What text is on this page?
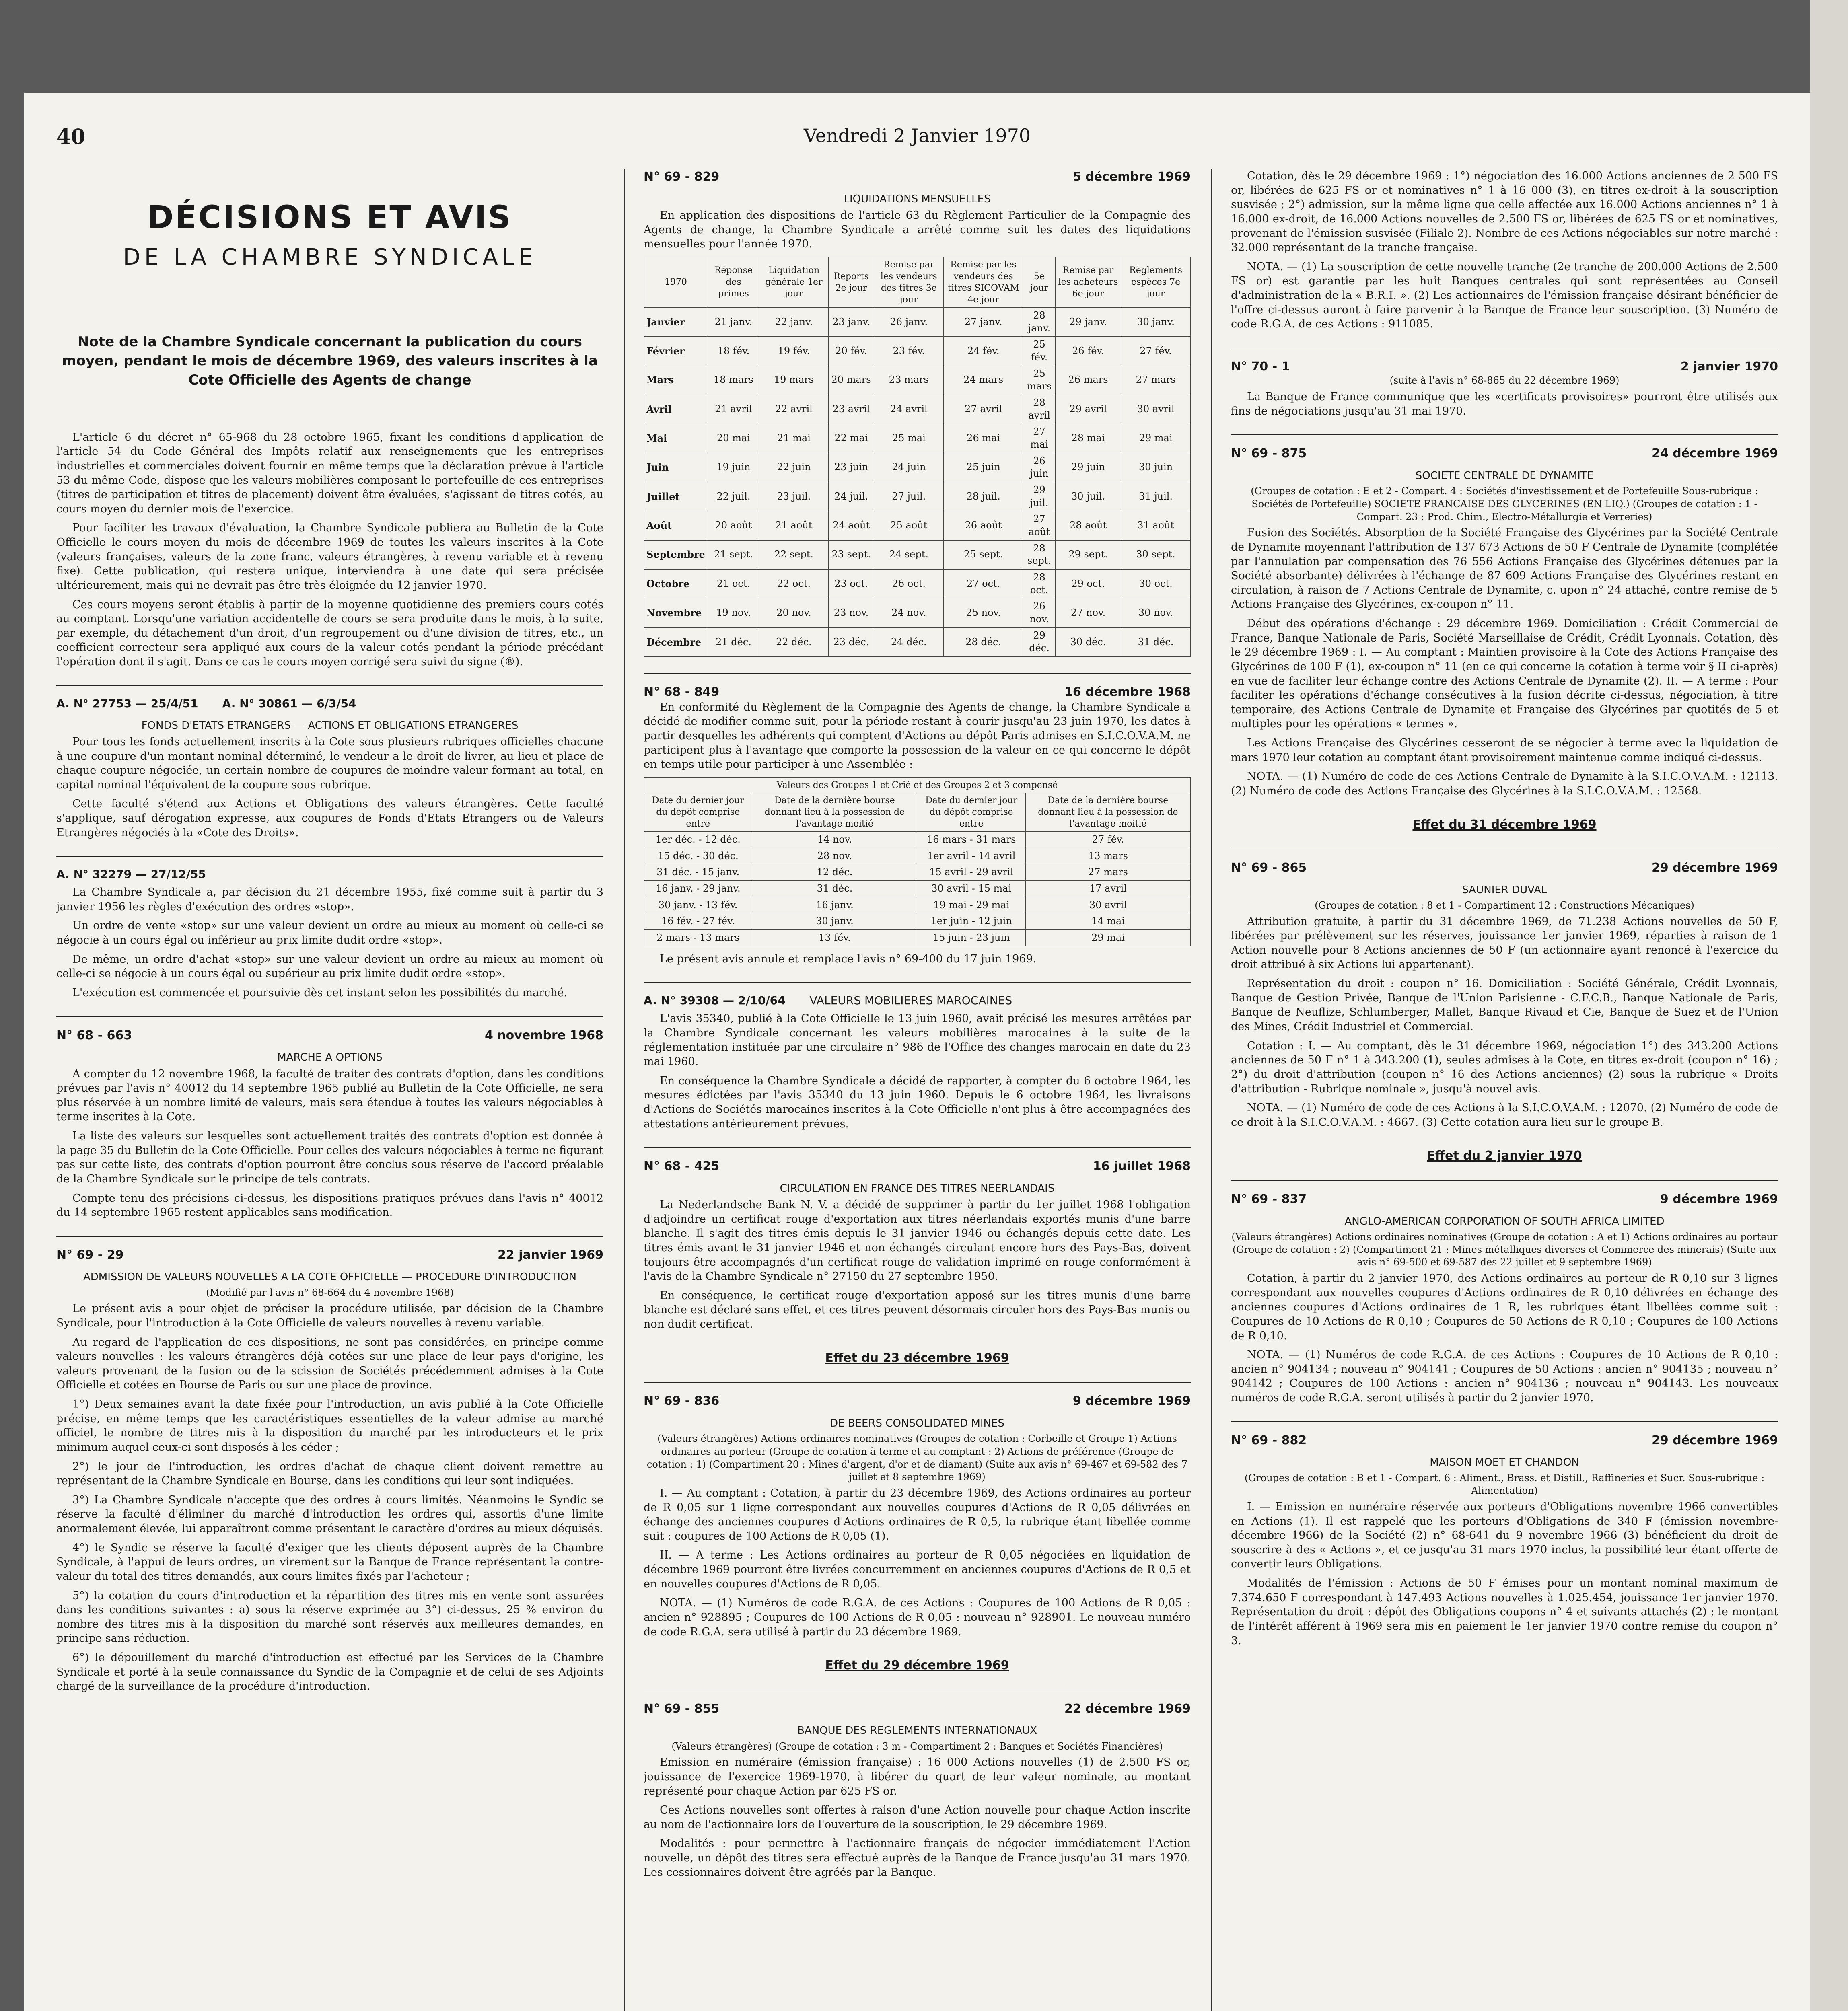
40	Vendredi 2 Janvier 1970
DÉCISIONS ET AVIS
DE LA CHAMBRE SYNDICALE
Note de la Chambre Syndicale concernant la publication du cours moyen, pendant le mois de décembre 1969, des valeurs inscrites à la Cote Officielle des Agents de change

L'article 6 du décret n° 65-968 du 28 octobre 1965, fixant les conditions d'application de l'article 54 du Code Général des Impôts relatif aux renseignements que les entreprises industrielles et commerciales doivent fournir en même temps que la déclaration prévue à l'article 53 du même Code, dispose que les valeurs mobilières composant le portefeuille de ces entreprises (titres de participation et titres de placement) doivent être évaluées, s'agissant de titres cotés, au cours moyen du dernier mois de l'exercice.

Pour faciliter les travaux d'évaluation, la Chambre Syndicale publiera au Bulletin de la Cote Officielle le cours moyen du mois de décembre 1969 de toutes les valeurs inscrites à la Cote (valeurs françaises, valeurs de la zone franc, valeurs étrangères, à revenu variable et à revenu fixe). Cette publication, qui restera unique, interviendra à une date qui sera précisée ultérieurement, mais qui ne devrait pas être très éloignée du 12 janvier 1970.

Ces cours moyens seront établis à partir de la moyenne quotidienne des premiers cours cotés au comptant. Lorsqu'une variation accidentelle de cours se sera produite dans le mois, à la suite, par exemple, du détachement d'un droit, d'un regroupement ou d'une division de titres, etc., un coefficient correcteur sera appliqué aux cours de la valeur cotés pendant la période précédant l'opération dont il s'agit. Dans ce cas le cours moyen corrigé sera suivi du signe (®).

A. N° 27753 — 25/4/51 A. N° 30861 — 6/3/54
FONDS D'ETATS ETRANGERS — ACTIONS ET OBLIGATIONS ETRANGERES

Pour tous les fonds actuellement inscrits à la Cote sous plusieurs rubriques officielles chacune à une coupure d'un montant nominal déterminé, le vendeur a le droit de livrer, au lieu et place de chaque coupure négociée, un certain nombre de coupures de moindre valeur formant au total, en capital nominal l'équivalent de la coupure sous rubrique.

Cette faculté s'étend aux Actions et Obligations des valeurs étrangères. Cette faculté s'applique, sauf dérogation expresse, aux coupures de Fonds d'Etats Etrangers ou de Valeurs Etrangères négociés à la «Cote des Droits».

A. N° 32279 — 27/12/55

La Chambre Syndicale a, par décision du 21 décembre 1955, fixé comme suit à partir du 3 janvier 1956 les règles d'exécution des ordres «stop».

Un ordre de vente «stop» sur une valeur devient un ordre au mieux au moment où celle-ci se négocie à un cours égal ou inférieur au prix limite dudit ordre «stop».

De même, un ordre d'achat «stop» sur une valeur devient un ordre au mieux au moment où celle-ci se négocie à un cours égal ou supérieur au prix limite dudit ordre «stop».

L'exécution est commencée et poursuivie dès cet instant selon les possibilités du marché.

N° 68 - 663	4 novembre 1968
MARCHE A OPTIONS

A compter du 12 novembre 1968, la faculté de traiter des contrats d'option, dans les conditions prévues par l'avis n° 40012 du 14 septembre 1965 publié au Bulletin de la Cote Officielle, ne sera plus réservée à un nombre limité de valeurs, mais sera étendue à toutes les valeurs négociables à terme inscrites à la Cote.

La liste des valeurs sur lesquelles sont actuellement traités des contrats d'option est donnée à la page 35 du Bulletin de la Cote Officielle. Pour celles des valeurs négociables à terme ne figurant pas sur cette liste, des contrats d'option pourront être conclus sous réserve de l'accord préalable de la Chambre Syndicale sur le principe de tels contrats.

Compte tenu des précisions ci-dessus, les dispositions pratiques prévues dans l'avis n° 40012 du 14 septembre 1965 restent applicables sans modification.

N° 69 - 29	22 janvier 1969
ADMISSION DE VALEURS NOUVELLES A LA COTE OFFICIELLE — PROCEDURE D'INTRODUCTION
(Modifié par l'avis n° 68-664 du 4 novembre 1968)

Le présent avis a pour objet de préciser la procédure utilisée, par décision de la Chambre Syndicale, pour l'introduction à la Cote Officielle de valeurs nouvelles à revenu variable.

Au regard de l'application de ces dispositions, ne sont pas considérées, en principe comme valeurs nouvelles : les valeurs étrangères déjà cotées sur une place de leur pays d'origine, les valeurs provenant de la fusion ou de la scission de Sociétés précédemment admises à la Cote Officielle et cotées en Bourse de Paris ou sur une place de province.

1°) Deux semaines avant la date fixée pour l'introduction, un avis publié à la Cote Officielle précise, en même temps que les caractéristiques essentielles de la valeur admise au marché officiel, le nombre de titres mis à la disposition du marché par les introducteurs et le prix minimum auquel ceux-ci sont disposés à les céder ;

2°) le jour de l'introduction, les ordres d'achat de chaque client doivent remettre au représentant de la Chambre Syndicale en Bourse, dans les conditions qui leur sont indiquées.

3°) La Chambre Syndicale n'accepte que des ordres à cours limités. Néanmoins le Syndic se réserve la faculté d'éliminer du marché d'introduction les ordres qui, assortis d'une limite anormalement élevée, lui apparaîtront comme présentant le caractère d'ordres au mieux déguisés.

4°) le Syndic se réserve la faculté d'exiger que les clients déposent auprès de la Chambre Syndicale, à l'appui de leurs ordres, un virement sur la Banque de France représentant la contre-valeur du total des titres demandés, aux cours limites fixés par l'acheteur ;

5°) la cotation du cours d'introduction et la répartition des titres mis en vente sont assurées dans les conditions suivantes : a) sous la réserve exprimée au 3°) ci-dessus, 25 % environ du nombre des titres mis à la disposition du marché sont réservés aux meilleures demandes, en principe sans réduction.

6°) le dépouillement du marché d'introduction est effectué par les Services de la Chambre Syndicale et porté à la seule connaissance du Syndic de la Compagnie et de celui de ses Adjoints chargé de la surveillance de la procédure d'introduction.

N° 69 - 829	5 décembre 1969
LIQUIDATIONS MENSUELLES

En application des dispositions de l'article 63 du Règlement Particulier de la Compagnie des Agents de change, la Chambre Syndicale a arrêté comme suit les dates des liquidations mensuelles pour l'année 1970.

1970	Réponse des primes	Liquidation générale 1er jour	Reports 2e jour	Remise par les vendeurs des titres 3e jour	Remise par les vendeurs des titres SICOVAM 4e jour	5e jour	Remise par les acheteurs 6e jour	Règlements espèces 7e jour
Janvier	21 janv.	22 janv.	23 janv.	26 janv.	27 janv.	28 janv.	29 janv.	30 janv.
Février	18 fév.	19 fév.	20 fév.	23 fév.	24 fév.	25 fév.	26 fév.	27 fév.
Mars	18 mars	19 mars	20 mars	23 mars	24 mars	25 mars	26 mars	27 mars
Avril	21 avril	22 avril	23 avril	24 avril	27 avril	28 avril	29 avril	30 avril
Mai	20 mai	21 mai	22 mai	25 mai	26 mai	27 mai	28 mai	29 mai
Juin	19 juin	22 juin	23 juin	24 juin	25 juin	26 juin	29 juin	30 juin
Juillet	22 juil.	23 juil.	24 juil.	27 juil.	28 juil.	29 juil.	30 juil.	31 juil.
Août	20 août	21 août	24 août	25 août	26 août	27 août	28 août	31 août
Septembre	21 sept.	22 sept.	23 sept.	24 sept.	25 sept.	28 sept.	29 sept.	30 sept.
Octobre	21 oct.	22 oct.	23 oct.	26 oct.	27 oct.	28 oct.	29 oct.	30 oct.
Novembre	19 nov.	20 nov.	23 nov.	24 nov.	25 nov.	26 nov.	27 nov.	30 nov.
Décembre	21 déc.	22 déc.	23 déc.	24 déc.	28 déc.	29 déc.	30 déc.	31 déc.
N° 68 - 849	16 décembre 1968

En conformité du Règlement de la Compagnie des Agents de change, la Chambre Syndicale a décidé de modifier comme suit, pour la période restant à courir jusqu'au 23 juin 1970, les dates à partir desquelles les adhérents qui comptent d'Actions au dépôt Paris admises en S.I.C.O.V.A.M. ne participent plus à l'avantage que comporte la possession de la valeur en ce qui concerne le dépôt en temps utile pour participer à une Assemblée :

Valeurs des Groupes 1 et Crié et des Groupes 2 et 3 compensé			
Date du dernier jour du dépôt comprise entre	Date de la dernière bourse donnant lieu à la possession de l'avantage moitié	Date du dernier jour du dépôt comprise entre	Date de la dernière bourse donnant lieu à la possession de l'avantage moitié
1er déc. - 12 déc.	14 nov.	16 mars - 31 mars	27 fév.
15 déc. - 30 déc.	28 nov.	1er avril - 14 avril	13 mars
31 déc. - 15 janv.	12 déc.	15 avril - 29 avril	27 mars
16 janv. - 29 janv.	31 déc.	30 avril - 15 mai	17 avril
30 janv. - 13 fév.	16 janv.	19 mai - 29 mai	30 avril
16 fév. - 27 fév.	30 janv.	1er juin - 12 juin	14 mai
2 mars - 13 mars	13 fév.	15 juin - 23 juin	29 mai

Le présent avis annule et remplace l'avis n° 69-400 du 17 juin 1969.

A. N° 39308 — 2/10/64 VALEURS MOBILIERES MAROCAINES

L'avis 35340, publié à la Cote Officielle le 13 juin 1960, avait précisé les mesures arrêtées par la Chambre Syndicale concernant les valeurs mobilières marocaines à la suite de la réglementation instituée par une circulaire n° 986 de l'Office des changes marocain en date du 23 mai 1960.

En conséquence la Chambre Syndicale a décidé de rapporter, à compter du 6 octobre 1964, les mesures édictées par l'avis 35340 du 13 juin 1960. Depuis le 6 octobre 1964, les livraisons d'Actions de Sociétés marocaines inscrites à la Cote Officielle n'ont plus à être accompagnées des attestations antérieurement prévues.

N° 68 - 425	16 juillet 1968
CIRCULATION EN FRANCE DES TITRES NEERLANDAIS

La Nederlandsche Bank N. V. a décidé de supprimer à partir du 1er juillet 1968 l'obligation d'adjoindre un certificat rouge d'exportation aux titres néerlandais exportés munis d'une barre blanche. Il s'agit des titres émis depuis le 31 janvier 1946 ou échangés depuis cette date. Les titres émis avant le 31 janvier 1946 et non échangés circulant encore hors des Pays-Bas, doivent toujours être accompagnés d'un certificat rouge de validation imprimé en rouge conformément à l'avis de la Chambre Syndicale n° 27150 du 27 septembre 1950.

En conséquence, le certificat rouge d'exportation apposé sur les titres munis d'une barre blanche est déclaré sans effet, et ces titres peuvent désormais circuler hors des Pays-Bas munis ou non dudit certificat.

Effet du 23 décembre 1969
N° 69 - 836	9 décembre 1969
DE BEERS CONSOLIDATED MINES
(Valeurs étrangères) Actions ordinaires nominatives (Groupes de cotation : Corbeille et Groupe 1) Actions ordinaires au porteur (Groupe de cotation à terme et au comptant : 2) Actions de préférence (Groupe de cotation : 1) (Compartiment 20 : Mines d'argent, d'or et de diamant) (Suite aux avis n° 69-467 et 69-582 des 7 juillet et 8 septembre 1969)

I. — Au comptant : Cotation, à partir du 23 décembre 1969, des Actions ordinaires au porteur de R 0,05 sur 1 ligne correspondant aux nouvelles coupures d'Actions de R 0,05 délivrées en échange des anciennes coupures d'Actions ordinaires de R 0,5, la rubrique étant libellée comme suit : coupures de 100 Actions de R 0,05 (1).

II. — A terme : Les Actions ordinaires au porteur de R 0,05 négociées en liquidation de décembre 1969 pourront être livrées concurremment en anciennes coupures d'Actions de R 0,5 et en nouvelles coupures d'Actions de R 0,05.

NOTA. — (1) Numéros de code R.G.A. de ces Actions : Coupures de 100 Actions de R 0,05 : ancien n° 928895 ; Coupures de 100 Actions de R 0,05 : nouveau n° 928901. Le nouveau numéro de code R.G.A. sera utilisé à partir du 23 décembre 1969.

Effet du 29 décembre 1969
N° 69 - 855	22 décembre 1969
BANQUE DES REGLEMENTS INTERNATIONAUX
(Valeurs étrangères) (Groupe de cotation : 3 m - Compartiment 2 : Banques et Sociétés Financières)

Emission en numéraire (émission française) : 16 000 Actions nouvelles (1) de 2.500 FS or, jouissance de l'exercice 1969-1970, à libérer du quart de leur valeur nominale, au montant représenté pour chaque Action par 625 FS or.

Ces Actions nouvelles sont offertes à raison d'une Action nouvelle pour chaque Action inscrite au nom de l'actionnaire lors de l'ouverture de la souscription, le 29 décembre 1969.

Modalités : pour permettre à l'actionnaire français de négocier immédiatement l'Action nouvelle, un dépôt des titres sera effectué auprès de la Banque de France jusqu'au 31 mars 1970. Les cessionnaires doivent être agréés par la Banque.

Cotation, dès le 29 décembre 1969 : 1°) négociation des 16.000 Actions anciennes de 2 500 FS or, libérées de 625 FS or et nominatives n° 1 à 16 000 (3), en titres ex-droit à la souscription susvisée ; 2°) admission, sur la même ligne que celle affectée aux 16.000 Actions anciennes n° 1 à 16.000 ex-droit, de 16.000 Actions nouvelles de 2.500 FS or, libérées de 625 FS or et nominatives, provenant de l'émission susvisée (Filiale 2). Nombre de ces Actions négociables sur notre marché : 32.000 représentant de la tranche française.

NOTA. — (1) La souscription de cette nouvelle tranche (2e tranche de 200.000 Actions de 2.500 FS or) est garantie par les huit Banques centrales qui sont représentées au Conseil d'administration de la « B.R.I. ». (2) Les actionnaires de l'émission française désirant bénéficier de l'offre ci-dessus auront à faire parvenir à la Banque de France leur souscription. (3) Numéro de code R.G.A. de ces Actions : 911085.

N° 70 - 1	2 janvier 1970
(suite à l'avis n° 68-865 du 22 décembre 1969)

La Banque de France communique que les «certificats provisoires» pourront être utilisés aux fins de négociations jusqu'au 31 mai 1970.

N° 69 - 875	24 décembre 1969
SOCIETE CENTRALE DE DYNAMITE
(Groupes de cotation : E et 2 - Compart. 4 : Sociétés d'investissement et de Portefeuille Sous-rubrique : Sociétés de Portefeuille) SOCIETE FRANCAISE DES GLYCERINES (EN LIQ.) (Groupes de cotation : 1 - Compart. 23 : Prod. Chim., Electro-Métallurgie et Verreries)

Fusion des Sociétés. Absorption de la Société Française des Glycérines par la Société Centrale de Dynamite moyennant l'attribution de 137 673 Actions de 50 F Centrale de Dynamite (complétée par l'annulation par compensation des 76 556 Actions Française des Glycérines détenues par la Société absorbante) délivrées à l'échange de 87 609 Actions Française des Glycérines restant en circulation, à raison de 7 Actions Centrale de Dynamite, c. upon n° 24 attaché, contre remise de 5 Actions Française des Glycérines, ex-coupon n° 11.

Début des opérations d'échange : 29 décembre 1969. Domiciliation : Crédit Commercial de France, Banque Nationale de Paris, Société Marseillaise de Crédit, Crédit Lyonnais. Cotation, dès le 29 décembre 1969 : I. — Au comptant : Maintien provisoire à la Cote des Actions Française des Glycérines de 100 F (1), ex-coupon n° 11 (en ce qui concerne la cotation à terme voir § II ci-après) en vue de faciliter leur échange contre des Actions Centrale de Dynamite (2). II. — A terme : Pour faciliter les opérations d'échange consécutives à la fusion décrite ci-dessus, négociation, à titre temporaire, des Actions Centrale de Dynamite et Française des Glycérines par quotités de 5 et multiples pour les opérations « termes ».

Les Actions Française des Glycérines cesseront de se négocier à terme avec la liquidation de mars 1970 leur cotation au comptant étant provisoirement maintenue comme indiqué ci-dessus.

NOTA. — (1) Numéro de code de ces Actions Centrale de Dynamite à la S.I.C.O.V.A.M. : 12113. (2) Numéro de code des Actions Française des Glycérines à la S.I.C.O.V.A.M. : 12568.

Effet du 31 décembre 1969
N° 69 - 865	29 décembre 1969
SAUNIER DUVAL
(Groupes de cotation : 8 et 1 - Compartiment 12 : Constructions Mécaniques)

Attribution gratuite, à partir du 31 décembre 1969, de 71.238 Actions nouvelles de 50 F, libérées par prélèvement sur les réserves, jouissance 1er janvier 1969, réparties à raison de 1 Action nouvelle pour 8 Actions anciennes de 50 F (un actionnaire ayant renoncé à l'exercice du droit attribué à six Actions lui appartenant).

Représentation du droit : coupon n° 16. Domiciliation : Société Générale, Crédit Lyonnais, Banque de Gestion Privée, Banque de l'Union Parisienne - C.F.C.B., Banque Nationale de Paris, Banque de Neuflize, Schlumberger, Mallet, Banque Rivaud et Cie, Banque de Suez et de l'Union des Mines, Crédit Industriel et Commercial.

Cotation : I. — Au comptant, dès le 31 décembre 1969, négociation 1°) des 343.200 Actions anciennes de 50 F n° 1 à 343.200 (1), seules admises à la Cote, en titres ex-droit (coupon n° 16) ; 2°) du droit d'attribution (coupon n° 16 des Actions anciennes) (2) sous la rubrique « Droits d'attribution - Rubrique nominale », jusqu'à nouvel avis.

NOTA. — (1) Numéro de code de ces Actions à la S.I.C.O.V.A.M. : 12070. (2) Numéro de code de ce droit à la S.I.C.O.V.A.M. : 4667. (3) Cette cotation aura lieu sur le groupe B.

Effet du 2 janvier 1970
N° 69 - 837	9 décembre 1969
ANGLO-AMERICAN CORPORATION OF SOUTH AFRICA LIMITED
(Valeurs étrangères) Actions ordinaires nominatives (Groupe de cotation : A et 1) Actions ordinaires au porteur (Groupe de cotation : 2) (Compartiment 21 : Mines métalliques diverses et Commerce des minerais) (Suite aux avis n° 69-500 et 69-587 des 22 juillet et 9 septembre 1969)

Cotation, à partir du 2 janvier 1970, des Actions ordinaires au porteur de R 0,10 sur 3 lignes correspondant aux nouvelles coupures d'Actions ordinaires de R 0,10 délivrées en échange des anciennes coupures d'Actions ordinaires de 1 R, les rubriques étant libellées comme suit : Coupures de 10 Actions de R 0,10 ; Coupures de 50 Actions de R 0,10 ; Coupures de 100 Actions de R 0,10.

NOTA. — (1) Numéros de code R.G.A. de ces Actions : Coupures de 10 Actions de R 0,10 : ancien n° 904134 ; nouveau n° 904141 ; Coupures de 50 Actions : ancien n° 904135 ; nouveau n° 904142 ; Coupures de 100 Actions : ancien n° 904136 ; nouveau n° 904143. Les nouveaux numéros de code R.G.A. seront utilisés à partir du 2 janvier 1970.

N° 69 - 882	29 décembre 1969
MAISON MOET ET CHANDON
(Groupes de cotation : B et 1 - Compart. 6 : Aliment., Brass. et Distill., Raffineries et Sucr. Sous-rubrique : Alimentation)

I. — Emission en numéraire réservée aux porteurs d'Obligations novembre 1966 convertibles en Actions (1). Il est rappelé que les porteurs d'Obligations de 340 F (émission novembre-décembre 1966) de la Société (2) n° 68-641 du 9 novembre 1966 (3) bénéficient du droit de souscrire à des « Actions », et ce jusqu'au 31 mars 1970 inclus, la possibilité leur étant offerte de convertir leurs Obligations.

Modalités de l'émission : Actions de 50 F émises pour un montant nominal maximum de 7.374.650 F correspondant à 147.493 Actions nouvelles à 1.025.454, jouissance 1er janvier 1970. Représentation du droit : dépôt des Obligations coupons n° 4 et suivants attachés (2) ; le montant de l'intérêt afférent à 1969 sera mis en paiement le 1er janvier 1970 contre remise du coupon n° 3.
